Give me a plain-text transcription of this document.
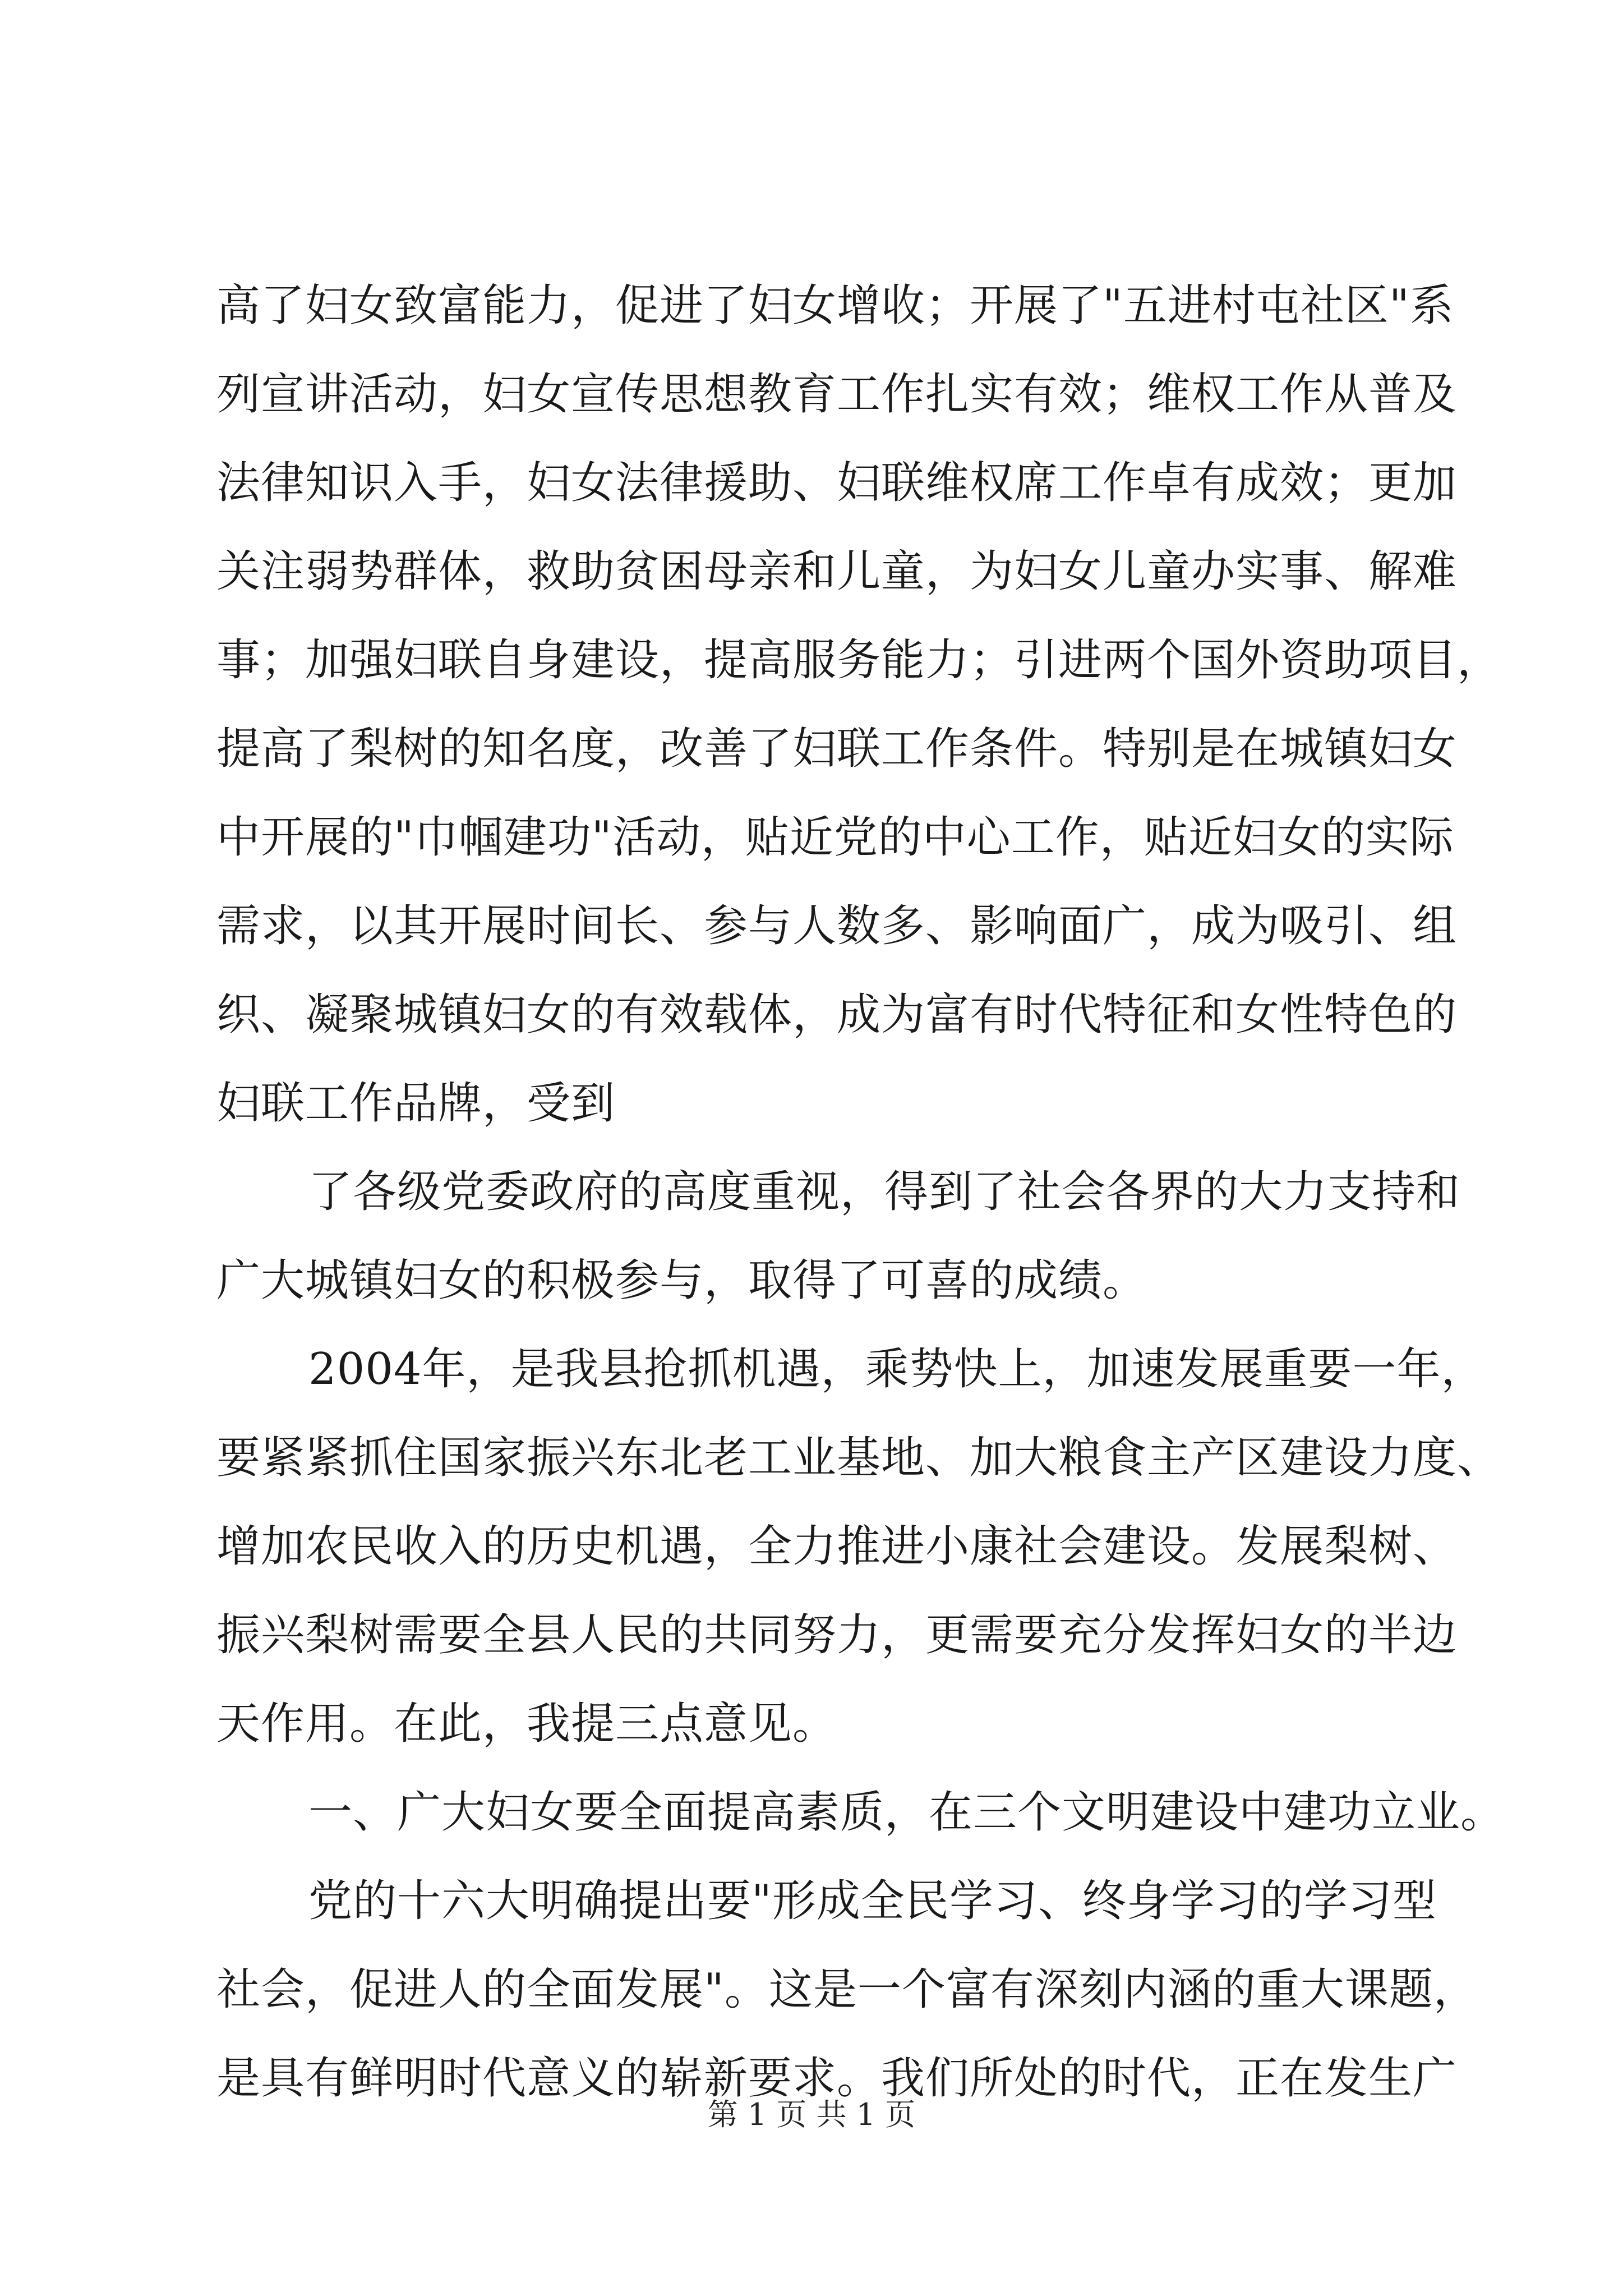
高了妇女致富能力，促进了妇女增收；开展了"五进村屯社区"系
列宣讲活动，妇女宣传思想教育工作扎实有效；维权工作从普及
法律知识入手，妇女法律援助、妇联维权席工作卓有成效；更加
关注弱势群体，救助贫困母亲和儿童，为妇女儿童办实事、解难
事；加强妇联自身建设，提高服务能力；引进两个国外资助项目，
提高了梨树的知名度，改善了妇联工作条件。特别是在城镇妇女
中开展的"巾帼建功"活动，贴近党的中心工作，贴近妇女的实际
需求，以其开展时间长、参与人数多、影响面广，成为吸引、组
织、凝聚城镇妇女的有效载体，成为富有时代特征和女性特色的
妇联工作品牌，受到
了各级党委政府的高度重视，得到了社会各界的大力支持和
广大城镇妇女的积极参与，取得了可喜的成绩。
2004年，是我县抢抓机遇，乘势快上，加速发展重要一年，
要紧紧抓住国家振兴东北老工业基地、加大粮食主产区建设力度、
增加农民收入的历史机遇，全力推进小康社会建设。发展梨树、
振兴梨树需要全县人民的共同努力，更需要充分发挥妇女的半边
天作用。在此，我提三点意见。
一、广大妇女要全面提高素质，在三个文明建设中建功立业。
党的十六大明确提出要"形成全民学习、终身学习的学习型
社会，促进人的全面发展"。这是一个富有深刻内涵的重大课题，
是具有鲜明时代意义的崭新要求。我们所处的时代，正在发生广
第 1 页 共 1 页
